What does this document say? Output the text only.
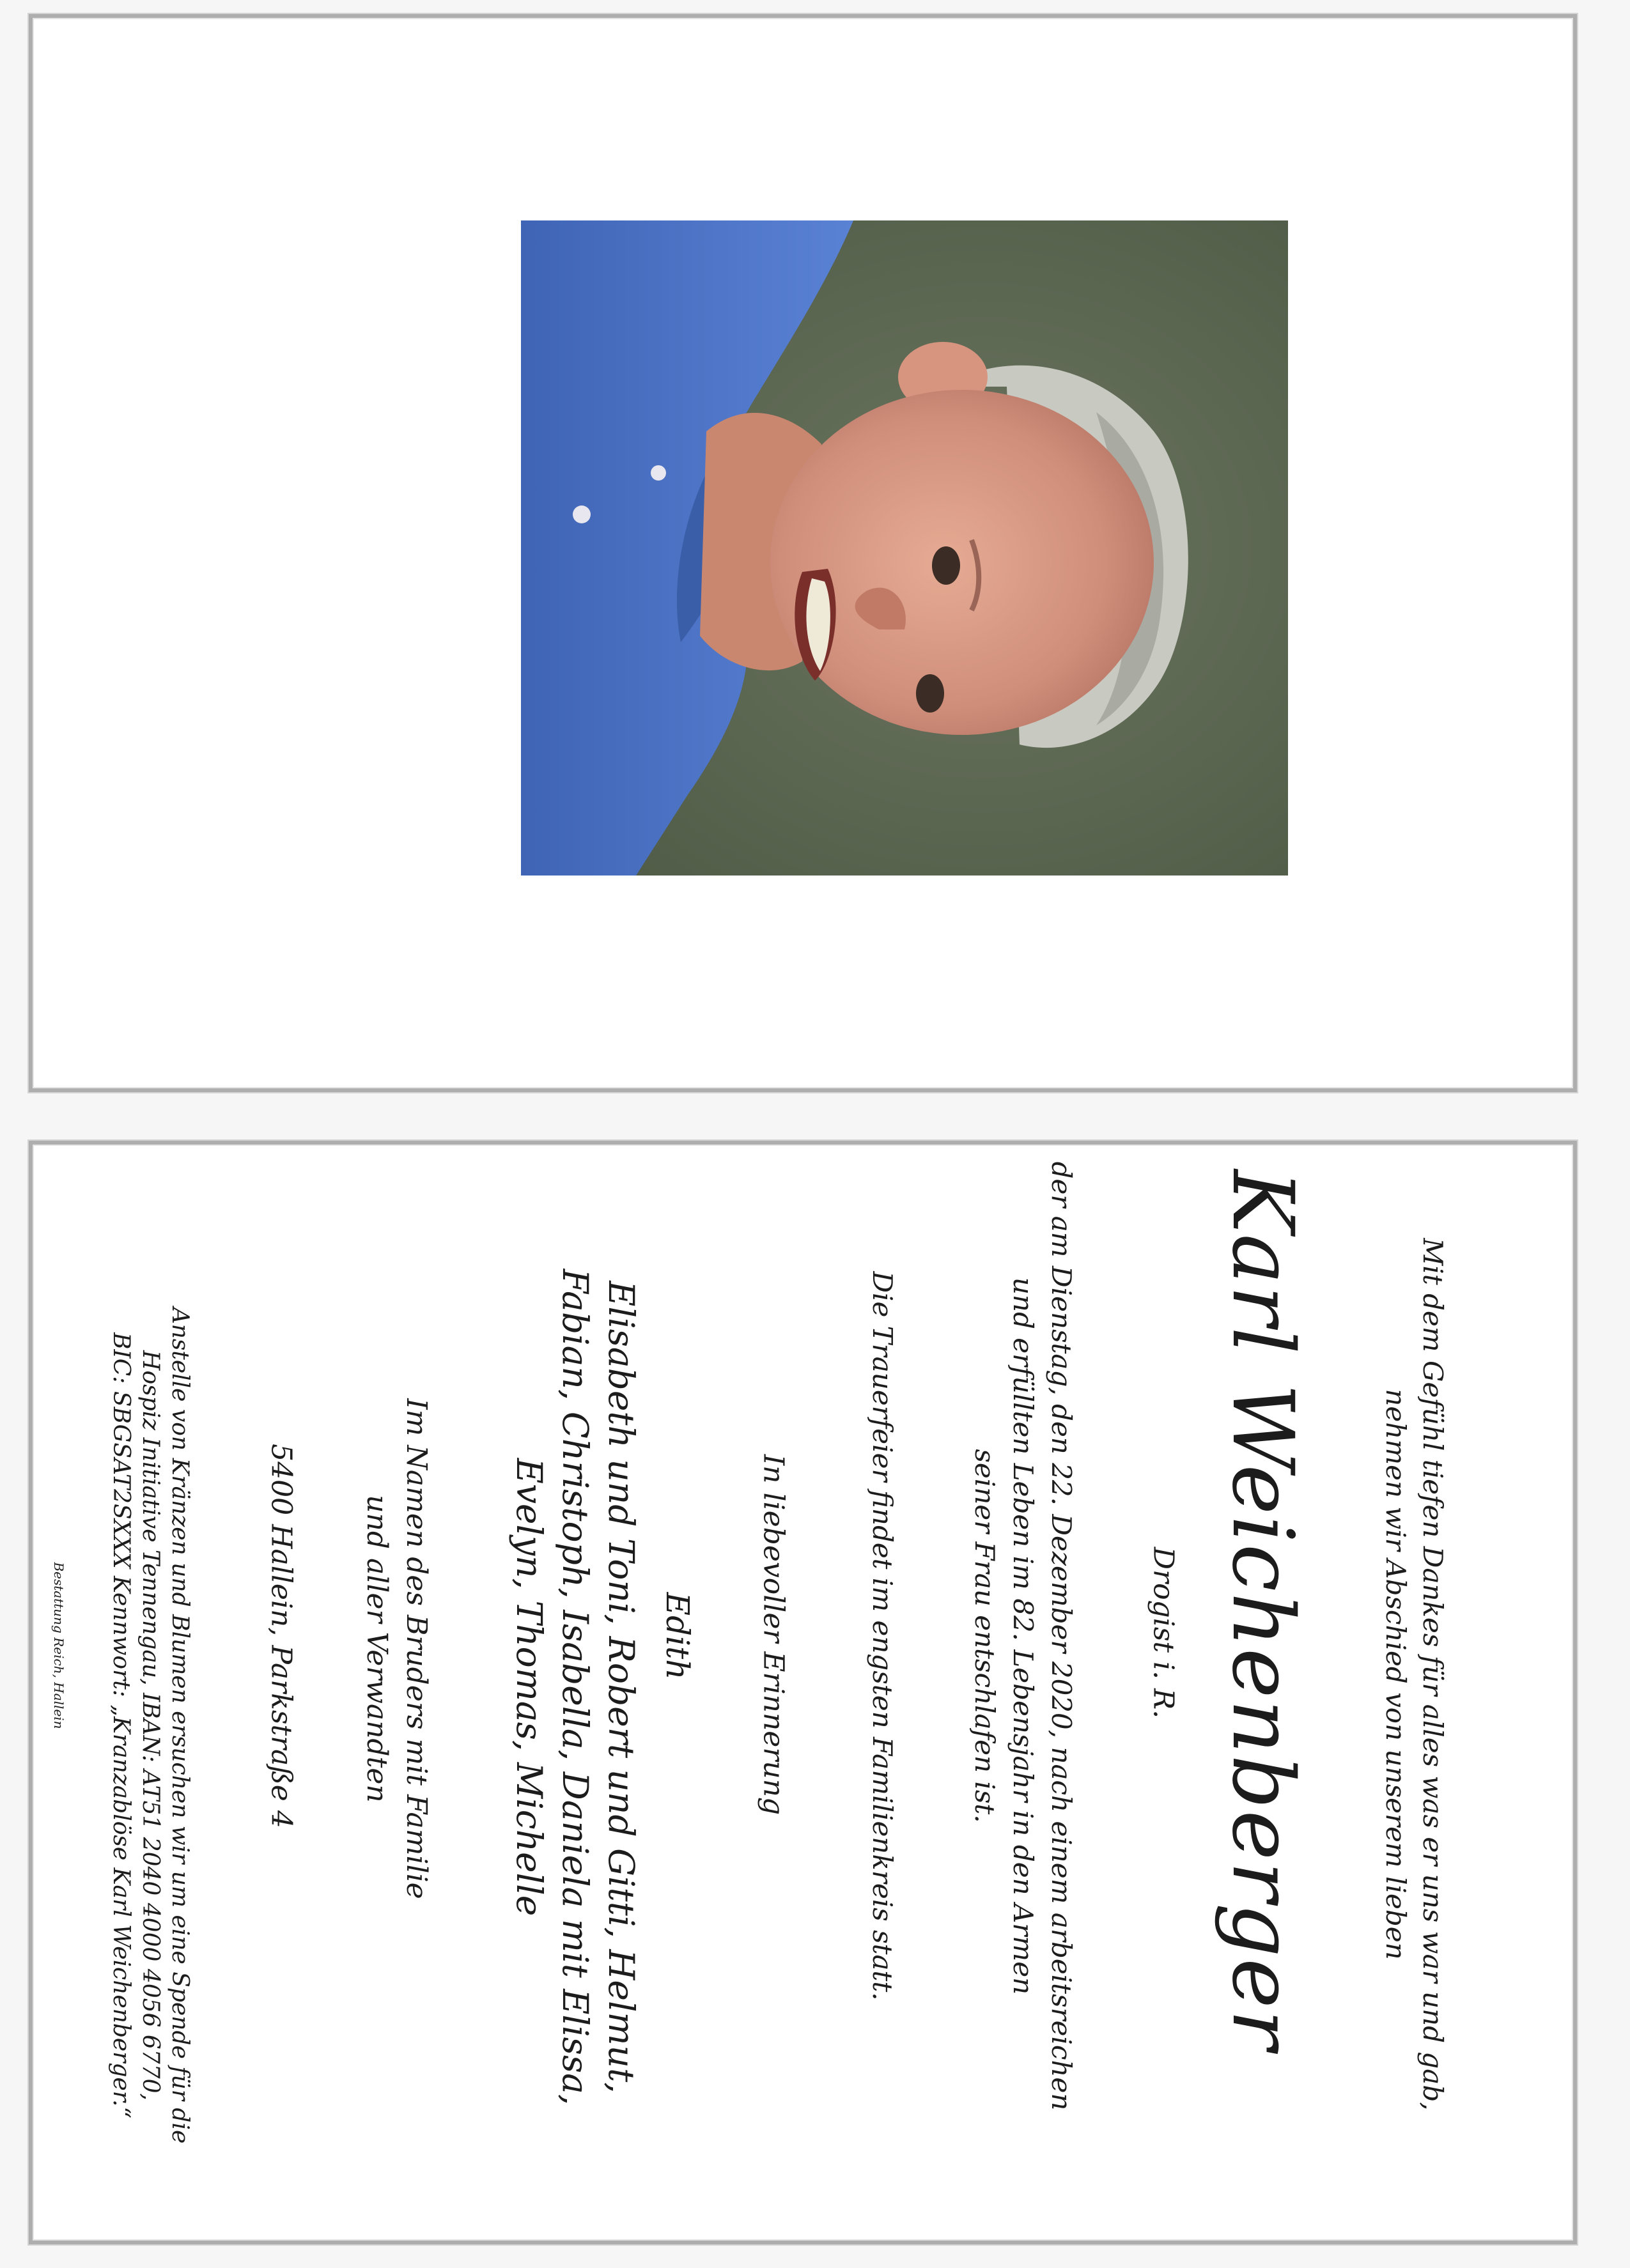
Mit dem Gefühl tiefen Dankes für alles was er uns war und gab,
nehmen wir Abschied von unserem lieben
Karl Weichenberger
Drogist i. R.
der am Dienstag, den 22. Dezember 2020, nach einem arbeitsreichen
und erfüllten Leben im 82. Lebensjahr in den Armen
seiner Frau entschlafen ist.
Die Trauerfeier findet im engsten Familienkreis statt.
In liebevoller Erinnerung
Edith
Elisabeth und Toni, Robert und Gitti, Helmut,
Fabian, Christoph, Isabella, Daniela mit Elissa,
Evelyn, Thomas, Michelle
Im Namen des Bruders mit Familie
und aller Verwandten
5400 Hallein, Parkstraße 4
Anstelle von Kränzen und Blumen ersuchen wir um eine Spende für die
Hospiz Initiative Tennengau, IBAN: AT51 2040 4000 4056 6770,
BIC: SBGSAT2SXXX Kennwort: „Kranzablöse Karl Weichenberger.“
Bestattung Reich, Hallein
